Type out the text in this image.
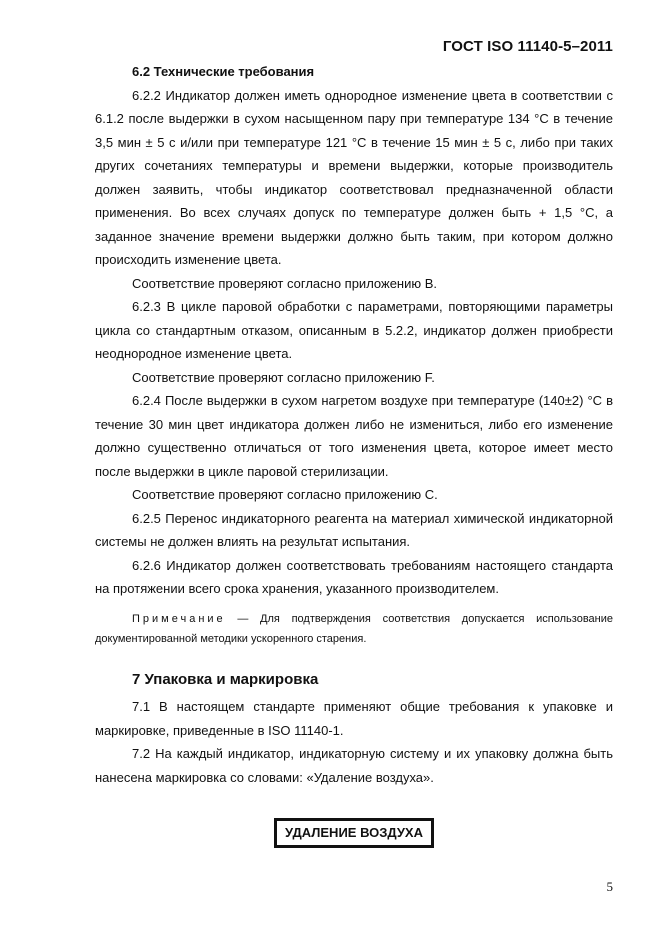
ГОСТ ISO 11140-5–2011

6.2 Технические требования

6.2.2 Индикатор должен иметь однородное изменение цвета в соответствии с 6.1.2 после выдержки в сухом насыщенном пару при температуре 134 °С в течение 3,5 мин ± 5 с и/или при температуре 121 °С в течение 15 мин ± 5 с, либо при таких других сочетаниях температуры и времени выдержки, которые производитель должен заявить, чтобы индикатор соответствовал предназначенной области применения. Во всех случаях допуск по температуре должен быть + 1,5 °С, а заданное значение времени выдержки должно быть таким, при котором должно происходить изменение цвета.

Соответствие проверяют согласно приложению В.

6.2.3 В цикле паровой обработки с параметрами, повторяющими параметры цикла со стандартным отказом, описанным в 5.2.2, индикатор должен приобрести неоднородное изменение цвета.

Соответствие проверяют согласно приложению F.

6.2.4 После выдержки в сухом нагретом воздухе при температуре (140±2) °С в течение 30 мин цвет индикатора должен либо не измениться, либо его изменение должно существенно отличаться от того изменения цвета, которое имеет место после выдержки в цикле паровой стерилизации.

Соответствие проверяют согласно приложению С.

6.2.5 Перенос индикаторного реагента на материал химической индикаторной системы не должен влиять на результат испытания.

6.2.6 Индикатор должен соответствовать требованиям настоящего стандарта на протяжении всего срока хранения, указанного производителем.

Примечание — Для подтверждения соответствия допускается использование документированной методики ускоренного старения.

7 Упаковка и маркировка

7.1 В настоящем стандарте применяют общие требования к упаковке и маркировке, приведенные в ISO 11140-1.

7.2 На каждый индикатор, индикаторную систему и их упаковку должна быть нанесена маркировка со словами: «Удаление воздуха».

УДАЛЕНИЕ ВОЗДУХА
5
